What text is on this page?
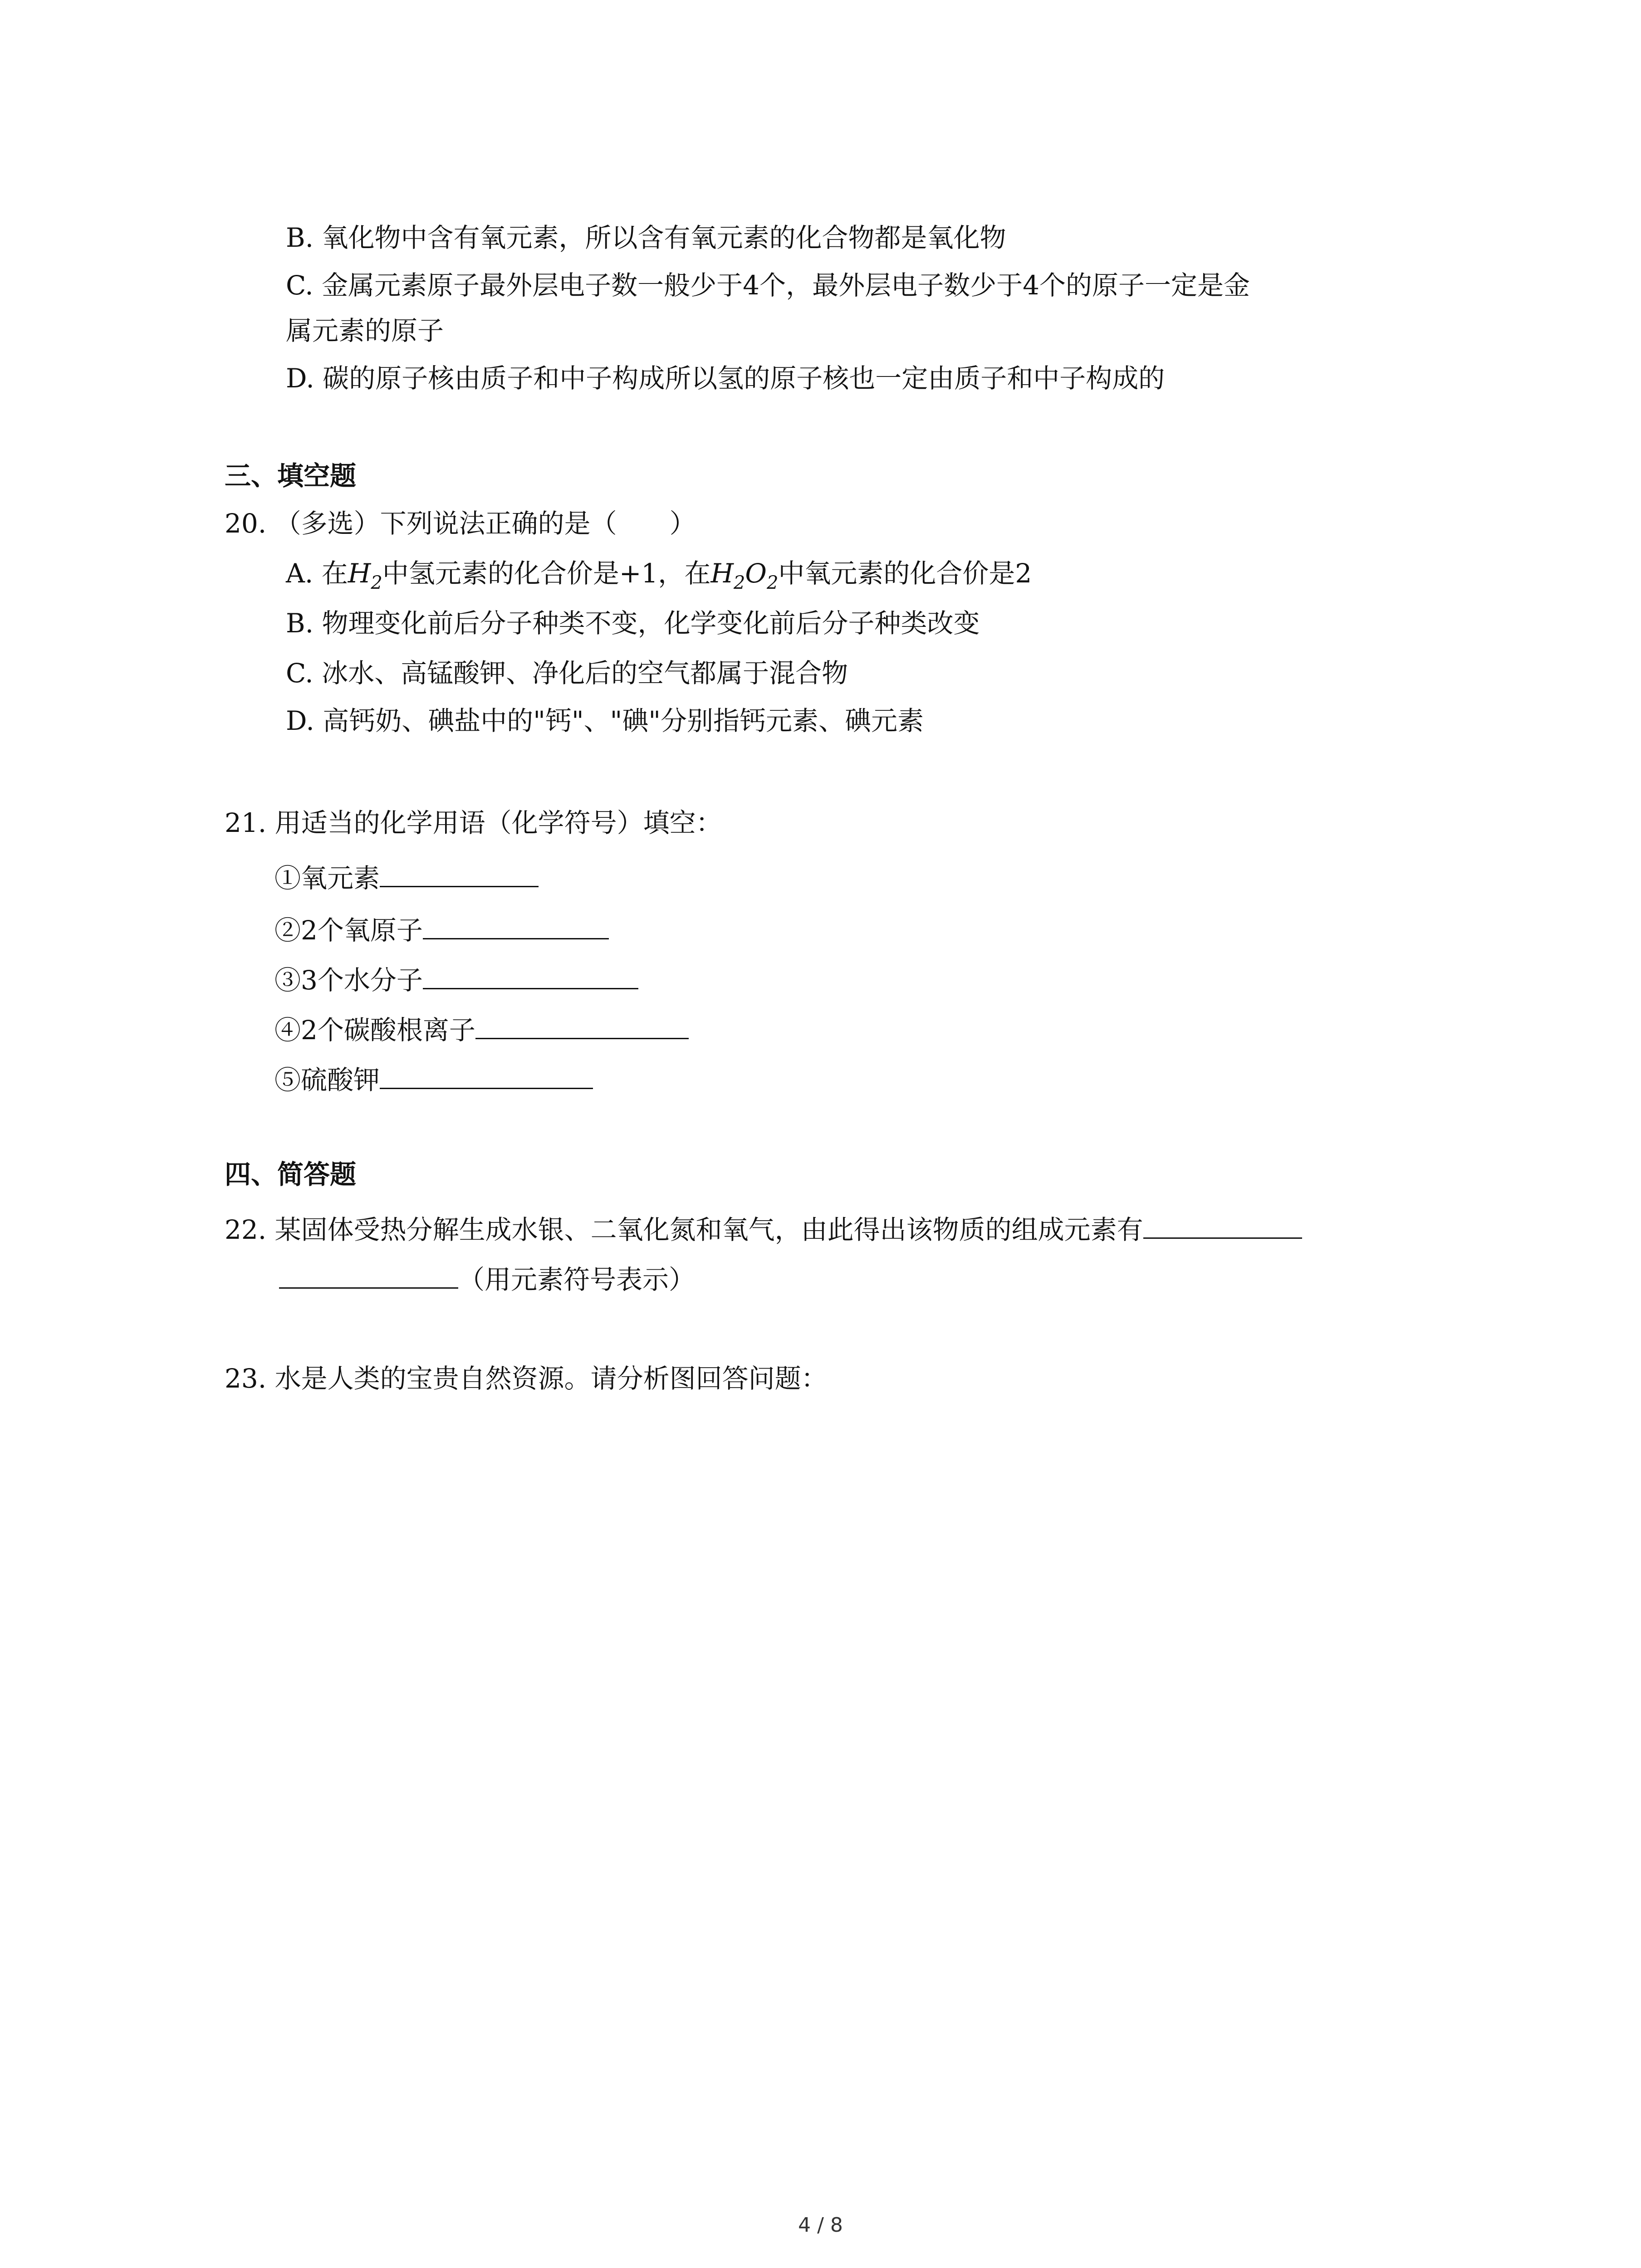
B. 氧化物中含有氧元素，所以含有氧元素的化合物都是氧化物
C. 金属元素原子最外层电子数一般少于4个，最外层电子数少于4个的原子一定是金
属元素的原子
D. 碳的原子核由质子和中子构成所以氢的原子核也一定由质子和中子构成的
三、填空题
20. （多选）下列说法正确的是（　　）
A. 在$H_2$中氢元素的化合价是+1，在$H_2O_2$中氧元素的化合价是2
B. 物理变化前后分子种类不变，化学变化前后分子种类改变
C. 冰水、高锰酸钾、净化后的空气都属于混合物
D. 高钙奶、碘盐中的"钙"、"碘"分别指钙元素、碘元素
21. 用适当的化学用语（化学符号）填空：
①氧元素
②2个氧原子
③3个水分子
④2个碳酸根离子
⑤硫酸钾
四、简答题
22. 某固体受热分解生成水银、二氧化氮和氧气，由此得出该物质的组成元素有
（用元素符号表示）
23. 水是人类的宝贵自然资源。请分析图回答问题：
4 / 8
